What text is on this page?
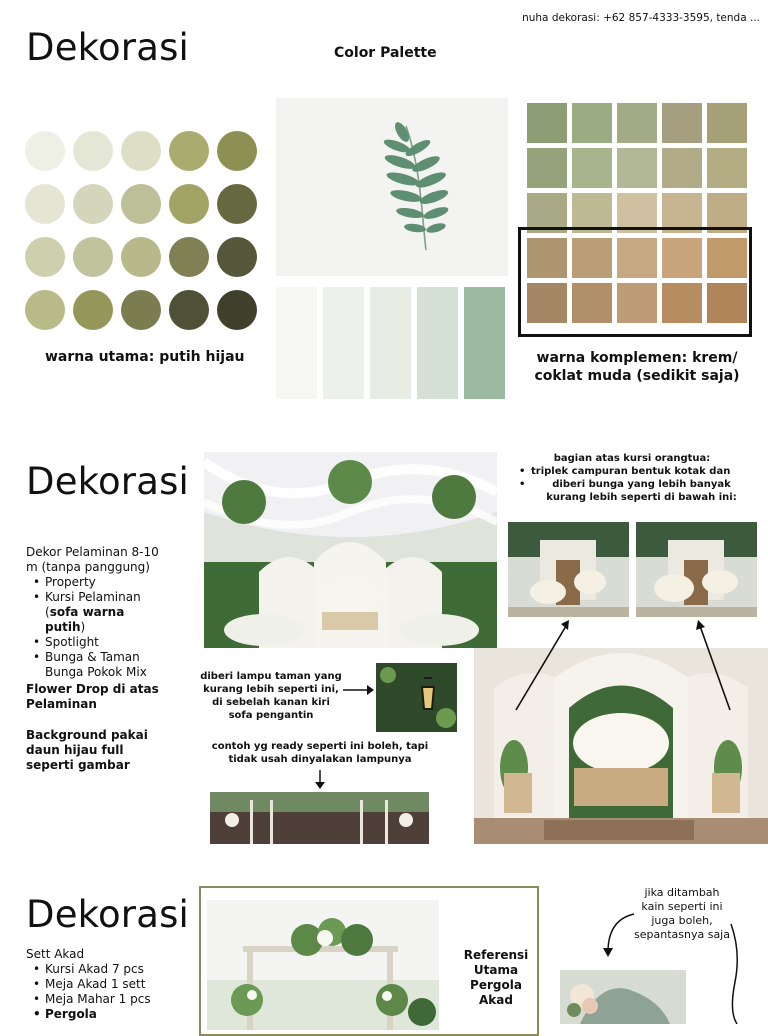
nuha dekorasi: +62 857-4333-3595, tenda ...
Dekorasi	Color Palette
warna utama: putih hijau	warna komplemen: krem/
coklat muda (sedikit saja)
Dekorasi
Dekor Pelaminan 8-10 m (tanpa panggung)
• Property
• Kursi Pelaminan
(sofa warna putih)
• Spotlight
• Bunga & Taman Bunga Pokok Mix
Flower Drop di atas Pelaminan
Background pakai daun hijau full seperti gambar
bagian atas kursi orangtua:
• triplek campuran bentuk kotak dan
• diberi bunga yang lebih banyak kurang lebih seperti di bawah ini:
diberi lampu taman yang kurang lebih seperti ini, di sebelah kanan kiri sofa pengantin
contoh yg ready seperti ini boleh, tapi tidak usah dinyalakan lampunya
Dekorasi
Sett Akad
• Kursi Akad 7 pcs
• Meja Akad 1 sett
• Meja Mahar 1 pcs
• Pergola
Referensi Utama Pergola Akad
jika ditambah kain seperti ini juga boleh, sepantasnya saja
